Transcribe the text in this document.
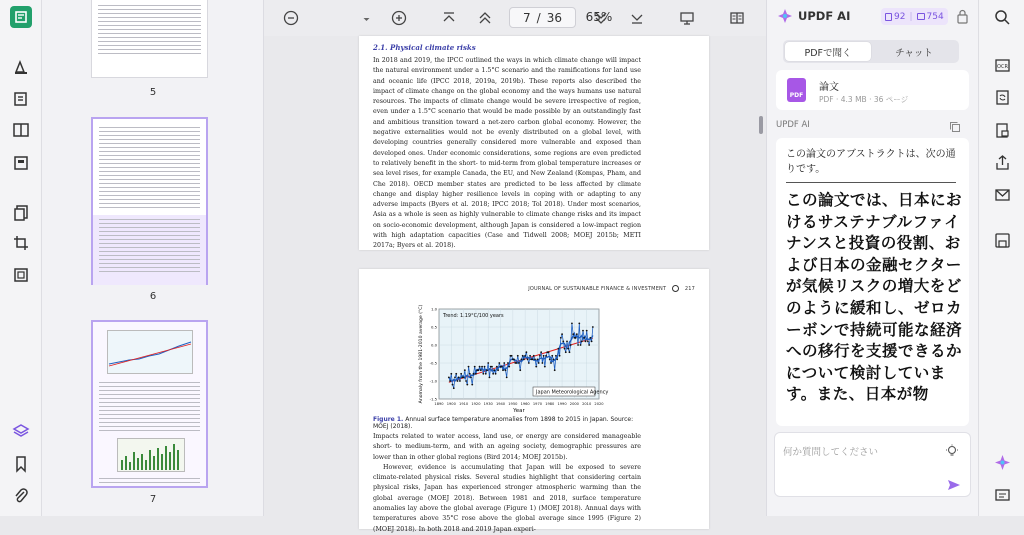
5
6
7
65%
7 / 36
2.1. Physical climate risks
In 2018 and 2019, the IPCC outlined the ways in which climate change will impact the natural environment under a 1.5°C scenario and the ramifications for land use and oceanic life (IPCC 2018, 2019a, 2019b). These reports also described the impact of climate change on the global economy and the ways humans use natural resources. The impacts of climate change would be severe irrespective of region, even under a 1.5°C scenario that would be made possible by an outstandingly fast and ambitious transition toward a net-zero carbon global economy. However, the negative externalities would not be evenly distributed on a global level, with developing countries generally considered more vulnerable and exposed than developed ones. Under economic considerations, some regions are even predicted to relatively benefit in the short- to mid-term from global temperature increases or sea level rises, for example Canada, the EU, and New Zealand (Kompas, Pham, and Che 2018). OECD member states are predicted to be less affected by climate change and display higher resilience levels in coping with or adapting to any adverse impacts (Byers et al. 2018; IPCC 2018; Tol 2018). Under most scenarios, Asia as a whole is seen as highly vulnerable to climate change risks and its impact on socio-economic development, although Japan is considered a low-impact region with high adaptation capacities (Case and Tidwell 2008; MOEJ 2015b; METI 2017a; Byers et al. 2018).
JOURNAL OF SUSTAINABLE FINANCE & INVESTMENT	217
1890 1900 1910 1920 1930 1940 1950 1960 1970 1980 1990 2000 2010 2020
1.0
0.5
0.0
-0.5
-1.0
-1.5
Trend: 1.19°C/100 years
Japan Meteorological Agency
Year
Anomaly from the 1981-2010 average (°C)
Figure 1. Annual surface temperature anomalies from 1898 to 2015 in Japan. Source: MOEJ (2018).
Impacts related to water access, land use, or energy are considered manageable short- to medium-term, and with an ageing society, demographic pressures are lower than in other global regions (Bird 2014; MOEJ 2015b).
However, evidence is accumulating that Japan will be exposed to severe climate-related physical risks. Several studies highlight that considering certain physical risks, Japan has experienced stronger atmospheric warming than the global average (MOEJ 2018). Between 1981 and 2018, surface temperature anomalies lay above the global average (Figure 1) (MOEJ 2018). Annual days with temperatures above 35°C rose above the global average since 1995 (Figure 2) (MOEJ 2018). In both 2018 and 2019 Japan experi-
UPDF AI	92 | 754
PDFで聞く	チャット
PDF
論文
PDF · 4.3 MB · 36 ページ
UPDF AI
この論文のアブストラクトは、次の通りです。
この論文では、日本におけるサステナブルファイナンスと投資の役割、および日本の金融セクターが気候リスクの増大をどのように緩和し、ゼロカーボンで持続可能な経済への移行を支援できるかについて検討しています。また、日本が物
何か質問してください
OCR
